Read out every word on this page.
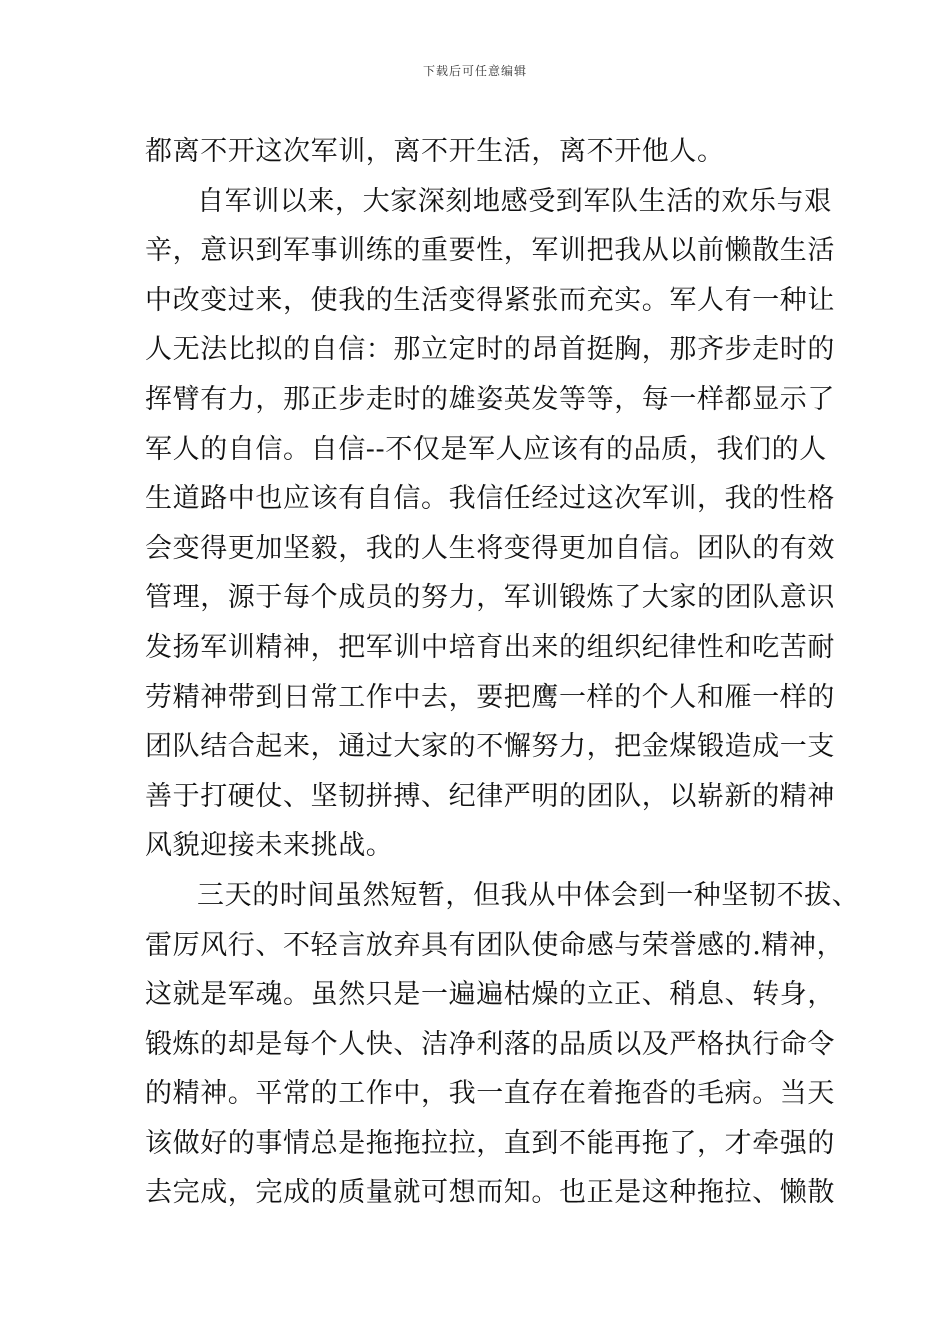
下载后可任意编辑
都离不开这次军训，离不开生活，离不开他人。
自军训以来，大家深刻地感受到军队生活的欢乐与艰
辛，意识到军事训练的重要性，军训把我从以前懒散生活
中改变过来，使我的生活变得紧张而充实。军人有一种让
人无法比拟的自信：那立定时的昂首挺胸，那齐步走时的
挥臂有力，那正步走时的雄姿英发等等，每一样都显示了
军人的自信。自信--不仅是军人应该有的品质，我们的人
生道路中也应该有自信。我信任经过这次军训，我的性格
会变得更加坚毅，我的人生将变得更加自信。团队的有效
管理，源于每个成员的努力，军训锻炼了大家的团队意识
发扬军训精神，把军训中培育出来的组织纪律性和吃苦耐
劳精神带到日常工作中去，要把鹰一样的个人和雁一样的
团队结合起来，通过大家的不懈努力，把金煤锻造成一支
善于打硬仗、坚韧拼搏、纪律严明的团队，以崭新的精神
风貌迎接未来挑战。
三天的时间虽然短暂，但我从中体会到一种坚韧不拔、
雷厉风行、不轻言放弃具有团队使命感与荣誉感的.精神，
这就是军魂。虽然只是一遍遍枯燥的立正、稍息、转身，
锻炼的却是每个人快、洁净利落的品质以及严格执行命令
的精神。平常的工作中，我一直存在着拖沓的毛病。当天
该做好的事情总是拖拖拉拉，直到不能再拖了，才牵强的
去完成，完成的质量就可想而知。也正是这种拖拉、懒散
